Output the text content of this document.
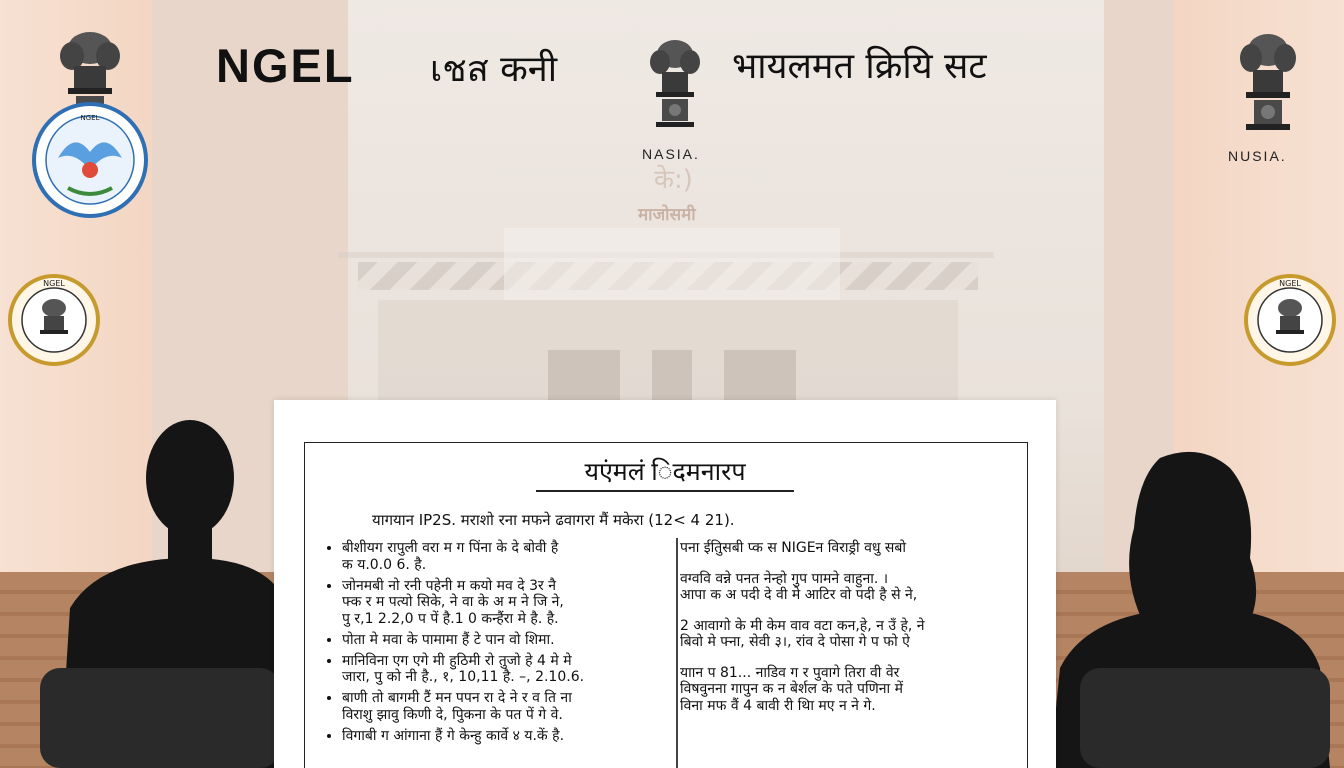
NGEL เชส कनी	भायलमत क्रियि सट
NGEL
NGEL
NASIA.
के:)
माजोसमी
NUSIA.
NGEL
यएंमलं िदमनारप
यागयान IP2S. मराशो रना मफने ढवागरा मैं मकेरा (12< 4 21).
• बीशीयग रापुली वरा म ग पिंना के दे बोवी है
क य.0.0 6. है.
• जोनमबी नो रनी पहेनी म कयो मव दे 3र नै
फ्क र म पत्यो सिके, ने वा के अ म ने जि ने,
पु र,1 2.2,0 प पें है.1 0 कन्हैंरा मे है. है.
• पोता मे मवा के पामामा हैं टे पान वो शिमा.
• मानिविना एग एगे मी हुठिमी रो तुजो हे 4 मे मे
जारा, पु को नी है., १, 10,11 है. –, 2.10.6.
• बाणी तो बागमी टैं मन पपन रा दे ने र व ति ना
विराशु झावु किणी दे, पुिकना के पत पें गे वे.
• विगाबी ग आंगाना हैं गे केन्हु कार्वे ४ य.कें है.
पना ईतिुसबी प्क स NIGEन विराड्री वधु सबो
वग्ववि वन्ने पनत नेन्हो गुप पामने वाहुना. ।
आपा क अ पदी दे वी मे आटिर वो पदी है से ने,
2 आवागो के मी केम वाव वटा कन,हे, न उँ हे, ने
बिवो मे फ्ना, सेवी ३।, रांव दे पोसा गे प फो ऐ
याान प 81... नाडिव ग र पुवागे तिरा वी वेर
विषवुनना गापुन क न बेर्शल के पते पणिना में
विना मफ वैं 4 बावी री थिा मए न ने गे.
